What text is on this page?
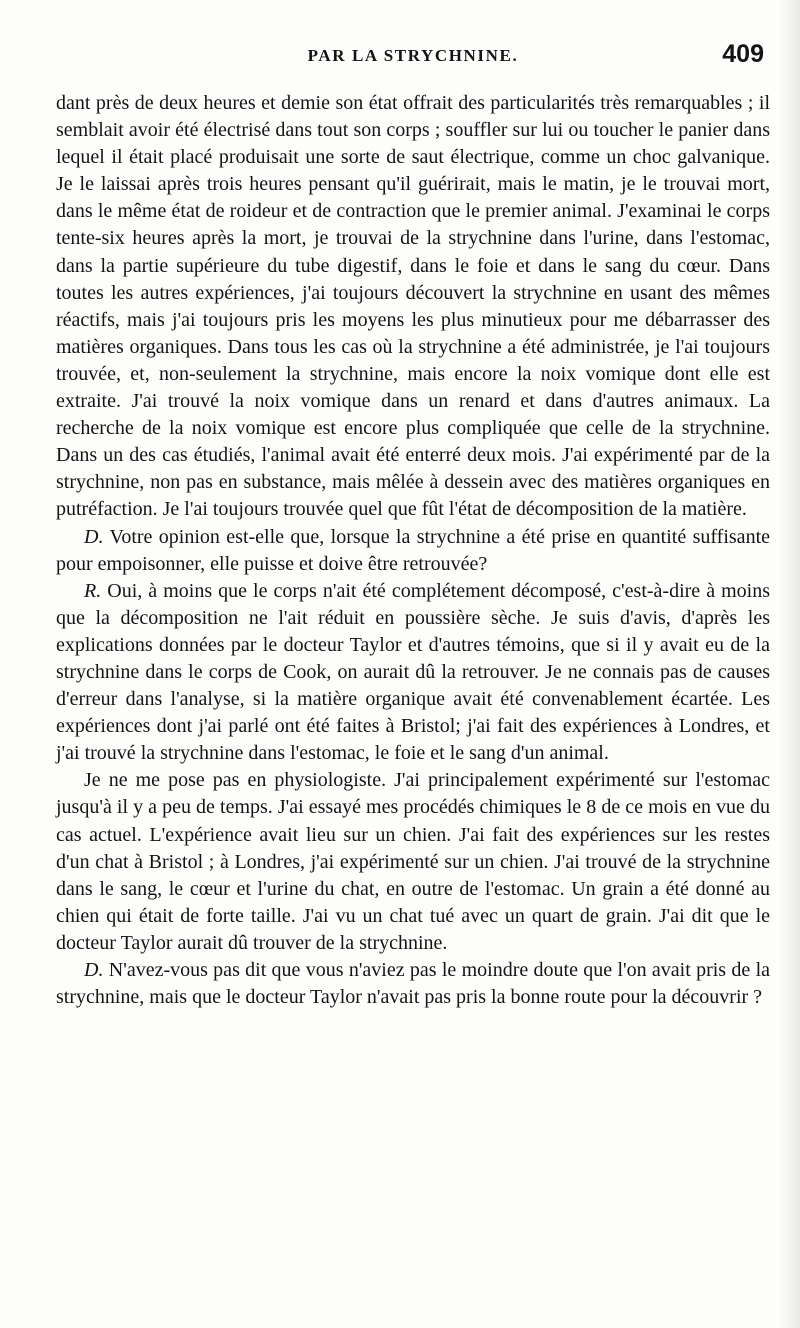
PAR LA STRYCHNINE.	409

dant près de deux heures et demie son état offrait des particularités très remarquables ; il semblait avoir été électrisé dans tout son corps ; souffler sur lui ou toucher le panier dans lequel il était placé produisait une sorte de saut électrique, comme un choc galvanique. Je le laissai après trois heures pensant qu'il guérirait, mais le matin, je le trouvai mort, dans le même état de roideur et de contraction que le premier animal. J'examinai le corps tente-six heures après la mort, je trouvai de la strychnine dans l'urine, dans l'estomac, dans la partie supérieure du tube digestif, dans le foie et dans le sang du cœur. Dans toutes les autres expériences, j'ai toujours découvert la strychnine en usant des mêmes réactifs, mais j'ai toujours pris les moyens les plus minutieux pour me débarrasser des matières organiques. Dans tous les cas où la strychnine a été administrée, je l'ai toujours trouvée, et, non-seulement la strychnine, mais encore la noix vomique dont elle est extraite. J'ai trouvé la noix vomique dans un renard et dans d'autres animaux. La recherche de la noix vomique est encore plus compliquée que celle de la strychnine. Dans un des cas étudiés, l'animal avait été enterré deux mois. J'ai expérimenté par de la strychnine, non pas en substance, mais mêlée à dessein avec des matières organiques en putréfaction. Je l'ai toujours trouvée quel que fût l'état de décomposition de la matière.

D. Votre opinion est-elle que, lorsque la strychnine a été prise en quantité suffisante pour empoisonner, elle puisse et doive être retrouvée?

R. Oui, à moins que le corps n'ait été complétement décomposé, c'est-à-dire à moins que la décomposition ne l'ait réduit en poussière sèche. Je suis d'avis, d'après les explications données par le docteur Taylor et d'autres témoins, que si il y avait eu de la strychnine dans le corps de Cook, on aurait dû la retrouver. Je ne connais pas de causes d'erreur dans l'analyse, si la matière organique avait été convenablement écartée. Les expériences dont j'ai parlé ont été faites à Bristol; j'ai fait des expériences à Londres, et j'ai trouvé la strychnine dans l'estomac, le foie et le sang d'un animal.

Je ne me pose pas en physiologiste. J'ai principalement expérimenté sur l'estomac jusqu'à il y a peu de temps. J'ai essayé mes procédés chimiques le 8 de ce mois en vue du cas actuel. L'expérience avait lieu sur un chien. J'ai fait des expériences sur les restes d'un chat à Bristol ; à Londres, j'ai expérimenté sur un chien. J'ai trouvé de la strychnine dans le sang, le cœur et l'urine du chat, en outre de l'estomac. Un grain a été donné au chien qui était de forte taille. J'ai vu un chat tué avec un quart de grain. J'ai dit que le docteur Taylor aurait dû trouver de la strychnine.

D. N'avez-vous pas dit que vous n'aviez pas le moindre doute que l'on avait pris de la strychnine, mais que le docteur Taylor n'avait pas pris la bonne route pour la découvrir ?
